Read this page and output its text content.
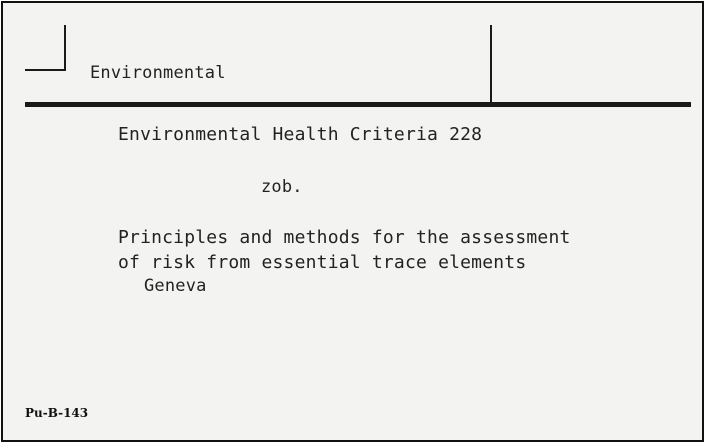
Environmental
Environmental Health Criteria 228
zob.
Principles and methods for the assessment
of risk from essential trace elements
Geneva
Pu-B-143
